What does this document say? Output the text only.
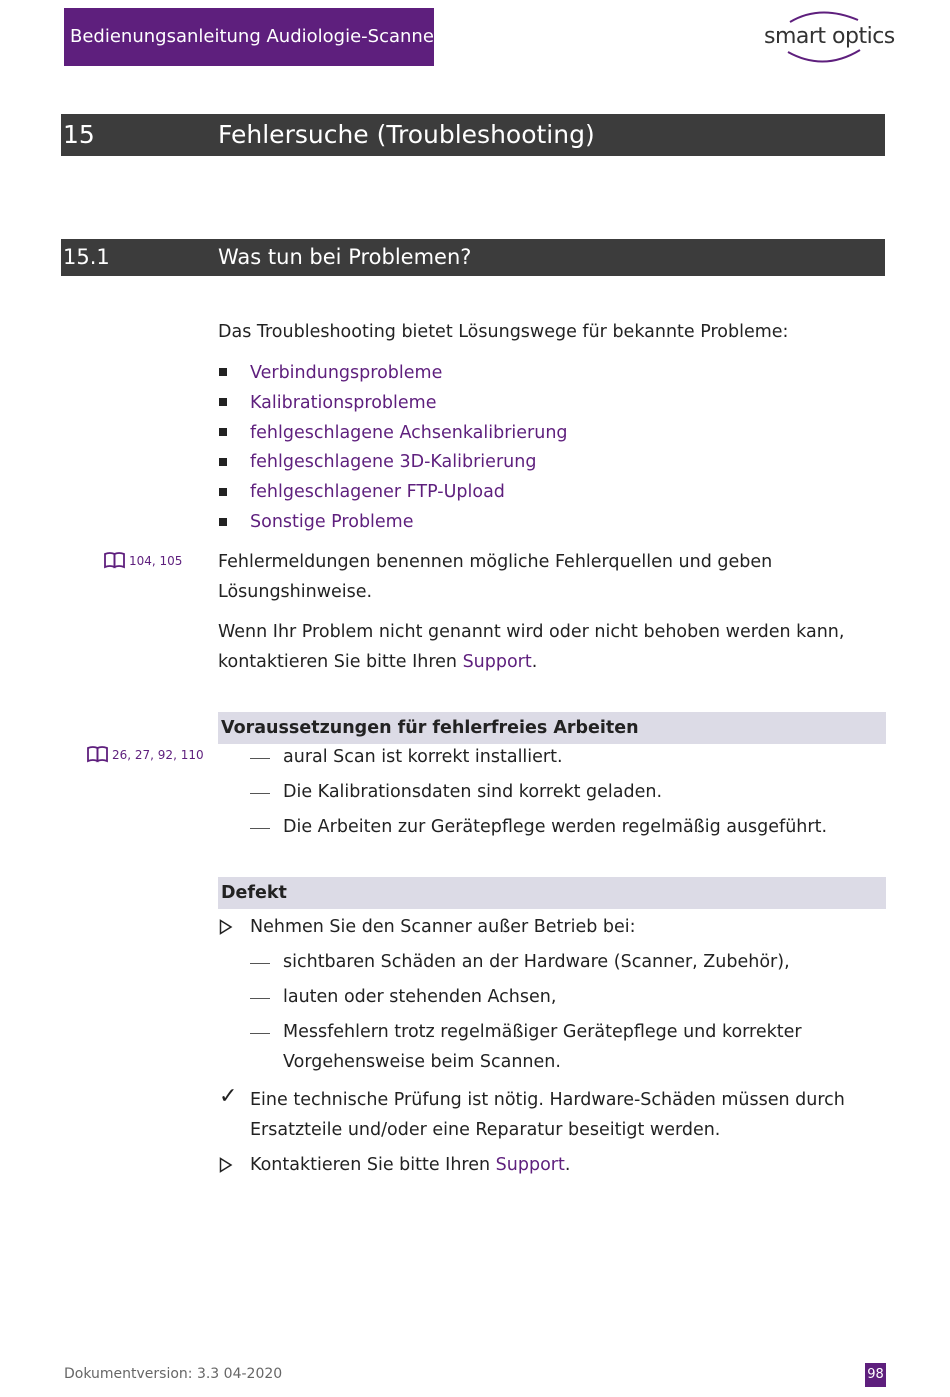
Bedienungsanleitung Audiologie-Scanner	smart optics
15	Fehlersuche (Troubleshooting)
15.1	Was tun bei Problemen?
Das Troubleshooting bietet Lösungswege für bekannte Probleme:
Verbindungsprobleme
Kalibrationsprobleme
fehlgeschlagene Achsenkalibrierung
fehlgeschlagene 3D-Kalibrierung
fehlgeschlagener FTP-Upload
Sonstige Probleme
104, 105 Fehlermeldungen benennen mögliche Fehlerquellen und geben
Lösungshinweise.
Wenn Ihr Problem nicht genannt wird oder nicht behoben werden kann,
kontaktieren Sie bitte Ihren Support.
Voraussetzungen für fehlerfreies Arbeiten
26, 27, 92, 110	aural Scan ist korrekt installiert.
Die Kalibrationsdaten sind korrekt geladen.
Die Arbeiten zur Gerätepflege werden regelmäßig ausgeführt.
Defekt
Nehmen Sie den Scanner außer Betrieb bei:
sichtbaren Schäden an der Hardware (Scanner, Zubehör),
lauten oder stehenden Achsen,
Messfehlern trotz regelmäßiger Gerätepflege und korrekter
Vorgehensweise beim Scannen.
✓ Eine technische Prüfung ist nötig. Hardware-Schäden müssen durch
Ersatzteile und/oder eine Reparatur beseitigt werden.
Kontaktieren Sie bitte Ihren Support.
Dokumentversion: 3.3 04-2020	98
